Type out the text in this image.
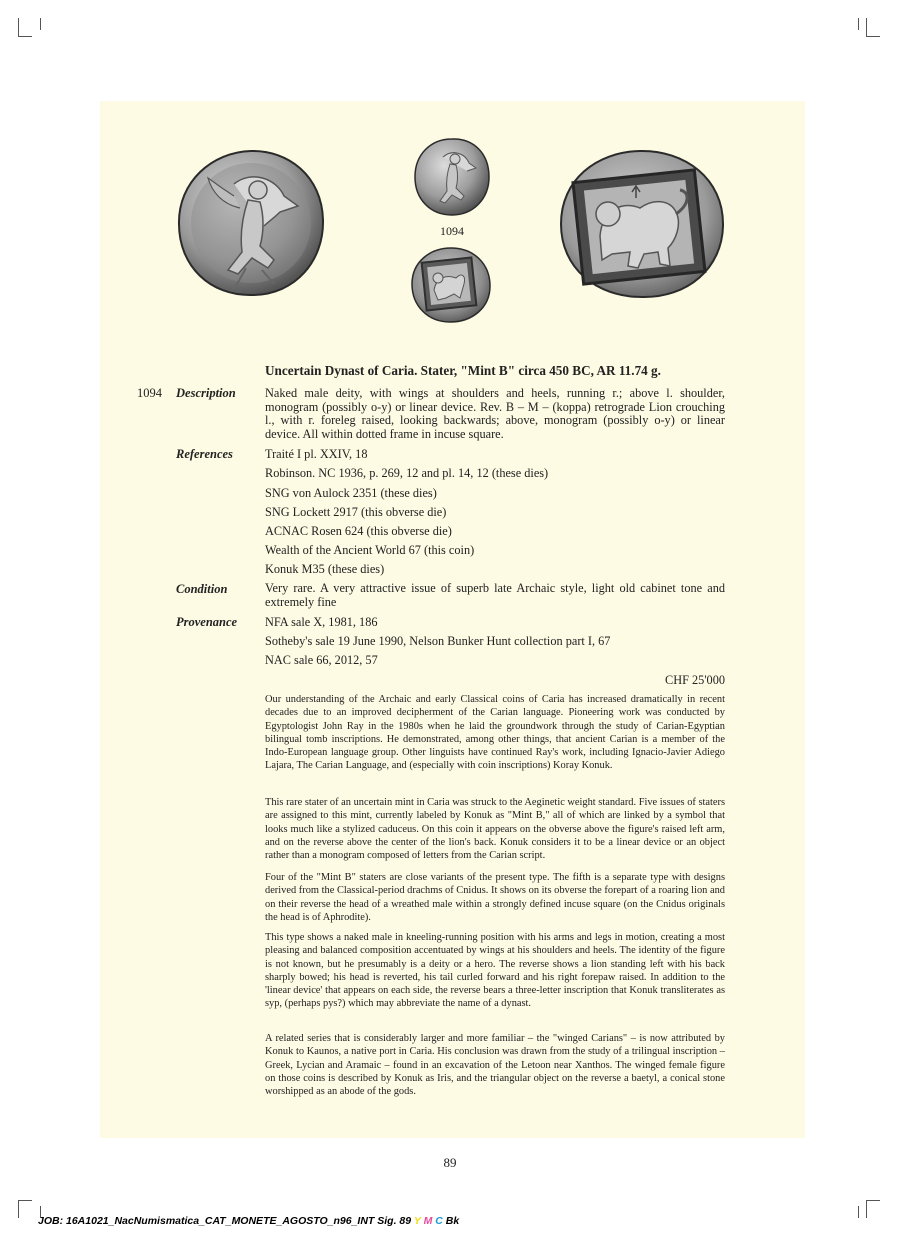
1094
Uncertain Dynast of Caria. Stater, "Mint B" circa 450 BC, AR 11.74 g.
1094 Description Naked male deity, with wings at shoulders and heels, running r.; above l. shoulder, monogram (possibly o-y) or linear device. Rev. B – M – (koppa) retrograde Lion crouching l., with r. foreleg raised, looking backwards; above, monogram (possibly o-y) or linear device. All within dotted frame in incuse square.
References	Traité I pl. XXIV, 18
Robinson. NC 1936, p. 269, 12 and pl. 14, 12 (these dies)
SNG von Aulock 2351 (these dies)
SNG Lockett 2917 (this obverse die)
ACNAC Rosen 624 (this obverse die)
Wealth of the Ancient World 67 (this coin)
Konuk M35 (these dies)
Condition	Very rare. A very attractive issue of superb late Archaic style, light old cabinet tone and extremely fine
Provenance NFA sale X, 1981, 186
Sotheby's sale 19 June 1990, Nelson Bunker Hunt collection part I, 67
NAC sale 66, 2012, 57
CHF 25'000
Our understanding of the Archaic and early Classical coins of Caria has increased dramatically in recent decades due to an improved decipherment of the Carian language. Pioneering work was conducted by Egyptologist John Ray in the 1980s when he laid the groundwork through the study of Carian-Egyptian bilingual tomb inscriptions. He demonstrated, among other things, that ancient Carian is a member of the Indo-European language group. Other linguists have continued Ray's work, including Ignacio-Javier Adiego Lajara, The Carian Language, and (especially with coin inscriptions) Koray Konuk.
This rare stater of an uncertain mint in Caria was struck to the Aeginetic weight standard. Five issues of staters are assigned to this mint, currently labeled by Konuk as "Mint B," all of which are linked by a symbol that looks much like a stylized caduceus. On this coin it appears on the obverse above the figure's raised left arm, and on the reverse above the center of the lion's back. Konuk considers it to be a linear device or an object rather than a monogram composed of letters from the Carian script.
Four of the "Mint B" staters are close variants of the present type. The fifth is a separate type with designs derived from the Classical-period drachms of Cnidus. It shows on its obverse the forepart of a roaring lion and on their reverse the head of a wreathed male within a strongly defined incuse square (on the Cnidus originals the head is of Aphrodite).
This type shows a naked male in kneeling-running position with his arms and legs in motion, creating a most pleasing and balanced composition accentuated by wings at his shoulders and heels. The identity of the figure is not known, but he presumably is a deity or a hero. The reverse shows a lion standing left with his back sharply bowed; his head is reverted, his tail curled forward and his right forepaw raised. In addition to the 'linear device' that appears on each side, the reverse bears a three-letter inscription that Konuk transliterates as syp, (perhaps pys?) which may abbreviate the name of a dynast.
A related series that is considerably larger and more familiar – the "winged Carians" – is now attributed by Konuk to Kaunos, a native port in Caria. His conclusion was drawn from the study of a trilingual inscription – Greek, Lycian and Aramaic – found in an excavation of the Letoon near Xanthos. The winged female figure on those coins is described by Konuk as Iris, and the triangular object on the reverse a baetyl, a conical stone worshipped as an abode of the gods.
89
JOB: 16A1021_NacNumismatica_CAT_MONETE_AGOSTO_n96_INT Sig. 89 Y M C Bk
